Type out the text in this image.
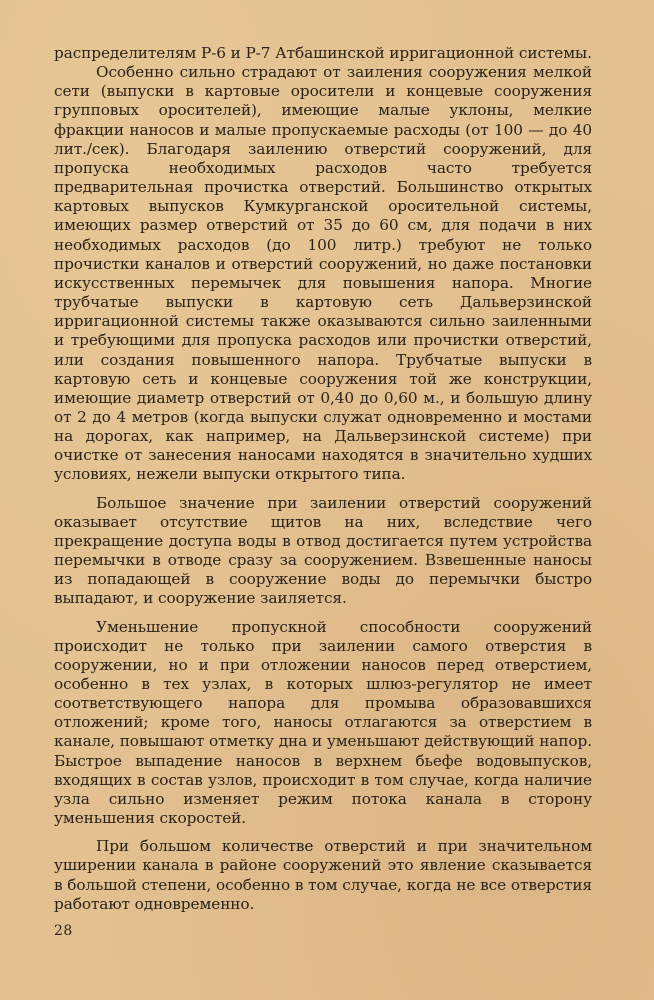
распределителям Р-6 и Р-7 Атбашинской ирригационной системы.

Особенно сильно страдают от заиления сооружения мелкой сети (выпуски в картовые оросители и концевые сооружения групповых оросителей), имеющие малые уклоны, мелкие фракции наносов и малые пропускаемые расходы (от 100 — до 40 лит./сек). Благодаря заилению отверстий сооружений, для пропуска необходимых расходов часто требуется предварительная прочистка отверстий. Большинство открытых картовых выпусков Кумкурганской оросительной системы, имеющих размер отверстий от 35 до 60 см, для подачи в них необходимых расходов (до 100 литр.) требуют не только прочистки каналов и отверстий сооружений, но даже постановки искусственных перемычек для повышения напора. Многие трубчатые выпуски в картовую сеть Дальверзинской ирригационной системы также оказываются сильно заиленными и требующими для пропуска расходов или прочистки отверстий, или создания повышенного напора. Трубчатые выпуски в картовую сеть и концевые сооружения той же конструкции, имеющие диаметр отверстий от 0,40 до 0,60 м., и большую длину от 2 до 4 метров (когда выпуски служат одновременно и мостами на дорогах, как например, на Дальверзинской системе) при очистке от занесения наносами находятся в значительно худших условиях, нежели выпуски открытого типа.

Большое значение при заилении отверстий сооружений оказывает отсутствие щитов на них, вследствие чего прекращение доступа воды в отвод достигается путем устройства перемычки в отводе сразу за сооружением. Взвешенные наносы из попадающей в сооружение воды до перемычки быстро выпадают, и сооружение заиляется.

Уменьшение пропускной способности сооружений происходит не только при заилении самого отверстия в сооружении, но и при отложении наносов перед отверстием, особенно в тех узлах, в которых шлюз-регулятор не имеет соответствующего напора для промыва образовавшихся отложений; кроме того, наносы отлагаются за отверстием в канале, повышают отметку дна и уменьшают действующий напор. Быстрое выпадение наносов в верхнем бьефе водовыпусков, входящих в состав узлов, происходит в том случае, когда наличие узла сильно изменяет режим потока канала в сторону уменьшения скоростей.

При большом количестве отверстий и при значительном уширении канала в районе сооружений это явление сказывается в большой степени, особенно в том случае, когда не все отверстия работают одновременно.

28
